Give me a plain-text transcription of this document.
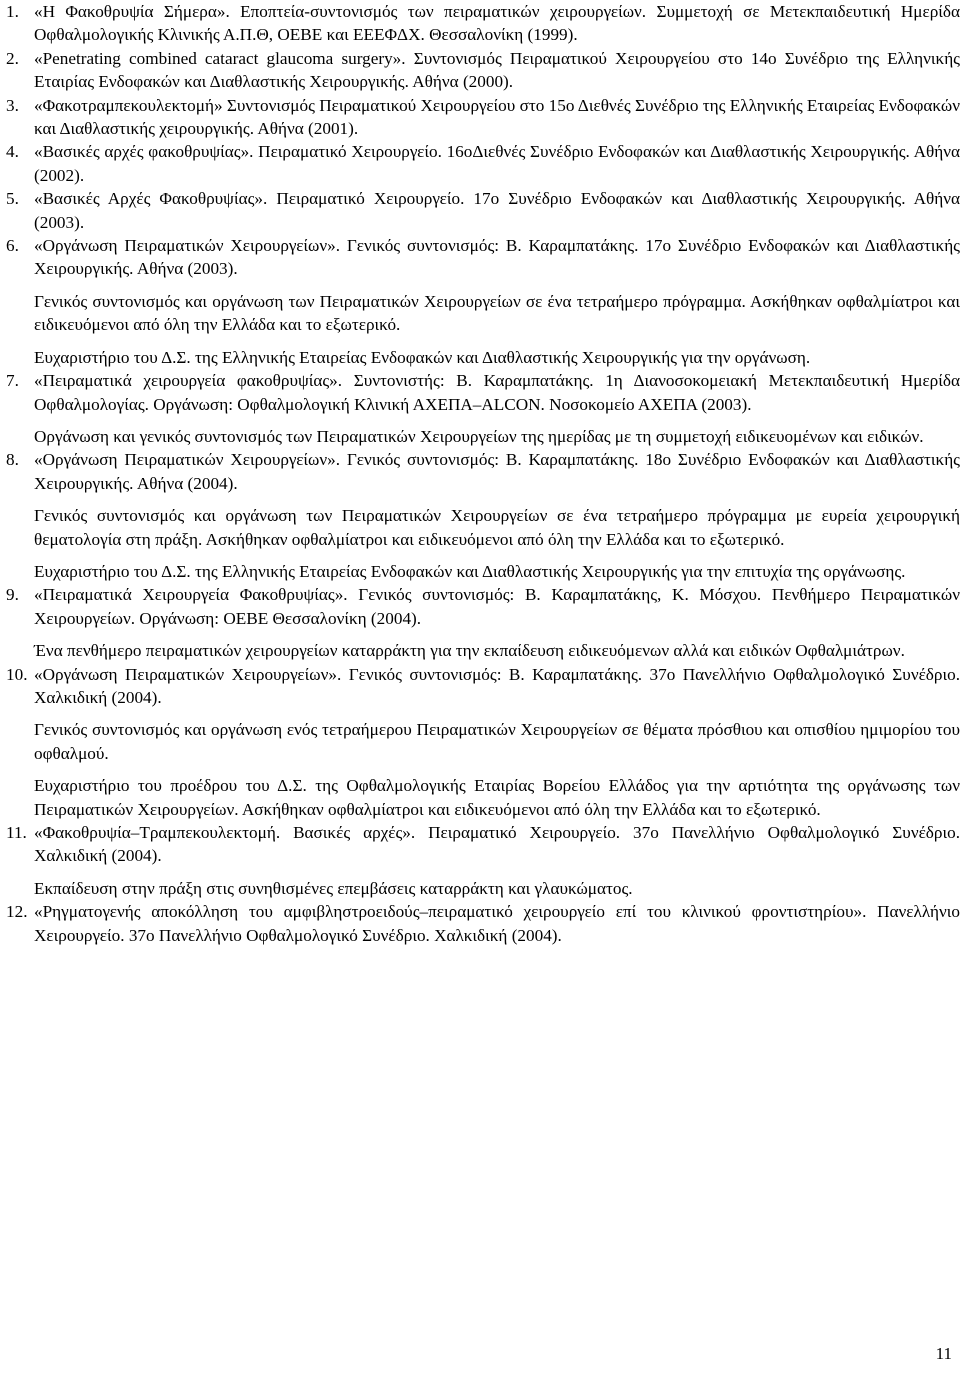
1. «Η Φακοθρυψία Σήμερα». Εποπτεία-συντονισμός των πειραματικών χειρουργείων. Συμμετοχή σε Μετεκπαιδευτική Ημερίδα Οφθαλμολογικής Κλινικής Α.Π.Θ, ΟΕΒΕ και ΕΕΕΦΔΧ. Θεσσαλονίκη (1999).

2. «Penetrating combined cataract glaucoma surgery». Συντονισμός Πειραματικού Χειρουργείου στο 14ο Συνέδριο της Ελληνικής Εταιρίας Ενδοφακών και Διαθλαστικής Χειρουργικής. Αθήνα (2000).

3. «Φακοτραμπεκουλεκτομή» Συντονισμός Πειραματικού Χειρουργείου στο 15ο Διεθνές Συνέδριο της Ελληνικής Εταιρείας Ενδοφακών και Διαθλαστικής χειρουργικής. Αθήνα (2001).

4. «Βασικές αρχές φακοθρυψίας». Πειραματικό Χειρουργείο. 16οΔιεθνές Συνέδριο Ενδοφακών και Διαθλαστικής Χειρουργικής. Αθήνα (2002).

5. «Βασικές Αρχές Φακοθρυψίας». Πειραματικό Χειρουργείο. 17ο Συνέδριο Ενδοφακών και Διαθλαστικής Χειρουργικής. Αθήνα (2003).

6. «Οργάνωση Πειραματικών Χειρουργείων». Γενικός συντονισμός: Β. Καραμπατάκης. 17ο Συνέδριο Ενδοφακών και Διαθλαστικής Χειρουργικής. Αθήνα (2003).

Γενικός συντονισμός και οργάνωση των Πειραματικών Χειρουργείων σε ένα τετραήμερο πρόγραμμα. Ασκήθηκαν οφθαλμίατροι και ειδικευόμενοι από όλη την Ελλάδα και το εξωτερικό.

Ευχαριστήριο του Δ.Σ. της Ελληνικής Εταιρείας Ενδοφακών και Διαθλαστικής Χειρουργικής για την οργάνωση.

7. «Πειραματικά χειρουργεία φακοθρυψίας». Συντονιστής: Β. Καραμπατάκης. 1η Διανοσοκομειακή Μετεκπαιδευτική Ημερίδα Οφθαλμολογίας. Οργάνωση: Οφθαλμολογική Κλινική ΑΧΕΠΑ–ALCON. Νοσοκομείο ΑΧΕΠΑ (2003).

Οργάνωση και γενικός συντονισμός των Πειραματικών Χειρουργείων της ημερίδας με τη συμμετοχή ειδικευομένων και ειδικών.

8. «Οργάνωση Πειραματικών Χειρουργείων». Γενικός συντονισμός: Β. Καραμπατάκης. 18ο Συνέδριο Ενδοφακών και Διαθλαστικής Χειρουργικής. Αθήνα (2004).

Γενικός συντονισμός και οργάνωση των Πειραματικών Χειρουργείων σε ένα τετραήμερο πρόγραμμα με ευρεία χειρουργική θεματολογία στη πράξη. Ασκήθηκαν οφθαλμίατροι και ειδικευόμενοι από όλη την Ελλάδα και το εξωτερικό.

Ευχαριστήριο του Δ.Σ. της Ελληνικής Εταιρείας Ενδοφακών και Διαθλαστικής Χειρουργικής για την επιτυχία της οργάνωσης.

9. «Πειραματικά Χειρουργεία Φακοθρυψίας». Γενικός συντονισμός: Β. Καραμπατάκης, Κ. Μόσχου. Πενθήμερο Πειραματικών Χειρουργείων. Οργάνωση: ΟΕΒΕ Θεσσαλονίκη (2004).

Ένα πενθήμερο πειραματικών χειρουργείων καταρράκτη για την εκπαίδευση ειδικευόμενων αλλά και ειδικών Οφθαλμιάτρων.

10. «Οργάνωση Πειραματικών Χειρουργείων». Γενικός συντονισμός: Β. Καραμπατάκης. 37ο Πανελλήνιο Οφθαλμολογικό Συνέδριο. Χαλκιδική (2004).

Γενικός συντονισμός και οργάνωση ενός τετραήμερου Πειραματικών Χειρουργείων σε θέματα πρόσθιου και οπισθίου ημιμορίου του οφθαλμού.

Ευχαριστήριο του προέδρου του Δ.Σ. της Οφθαλμολογικής Εταιρίας Βορείου Ελλάδος για την αρτιότητα της οργάνωσης των Πειραματικών Χειρουργείων. Ασκήθηκαν οφθαλμίατροι και ειδικευόμενοι από όλη την Ελλάδα και το εξωτερικό.

11. «Φακοθρυψία–Τραμπεκουλεκτομή. Βασικές αρχές». Πειραματικό Χειρουργείο. 37ο Πανελλήνιο Οφθαλμολογικό Συνέδριο. Χαλκιδική (2004).

Εκπαίδευση στην πράξη στις συνηθισμένες επεμβάσεις καταρράκτη και γλαυκώματος.

12. «Ρηγματογενής αποκόλληση του αμφιβληστροειδούς–πειραματικό χειρουργείο επί του κλινικού φροντιστηρίου». Πανελλήνιο Χειρουργείο. 37ο Πανελλήνιο Οφθαλμολογικό Συνέδριο. Χαλκιδική (2004).

11
